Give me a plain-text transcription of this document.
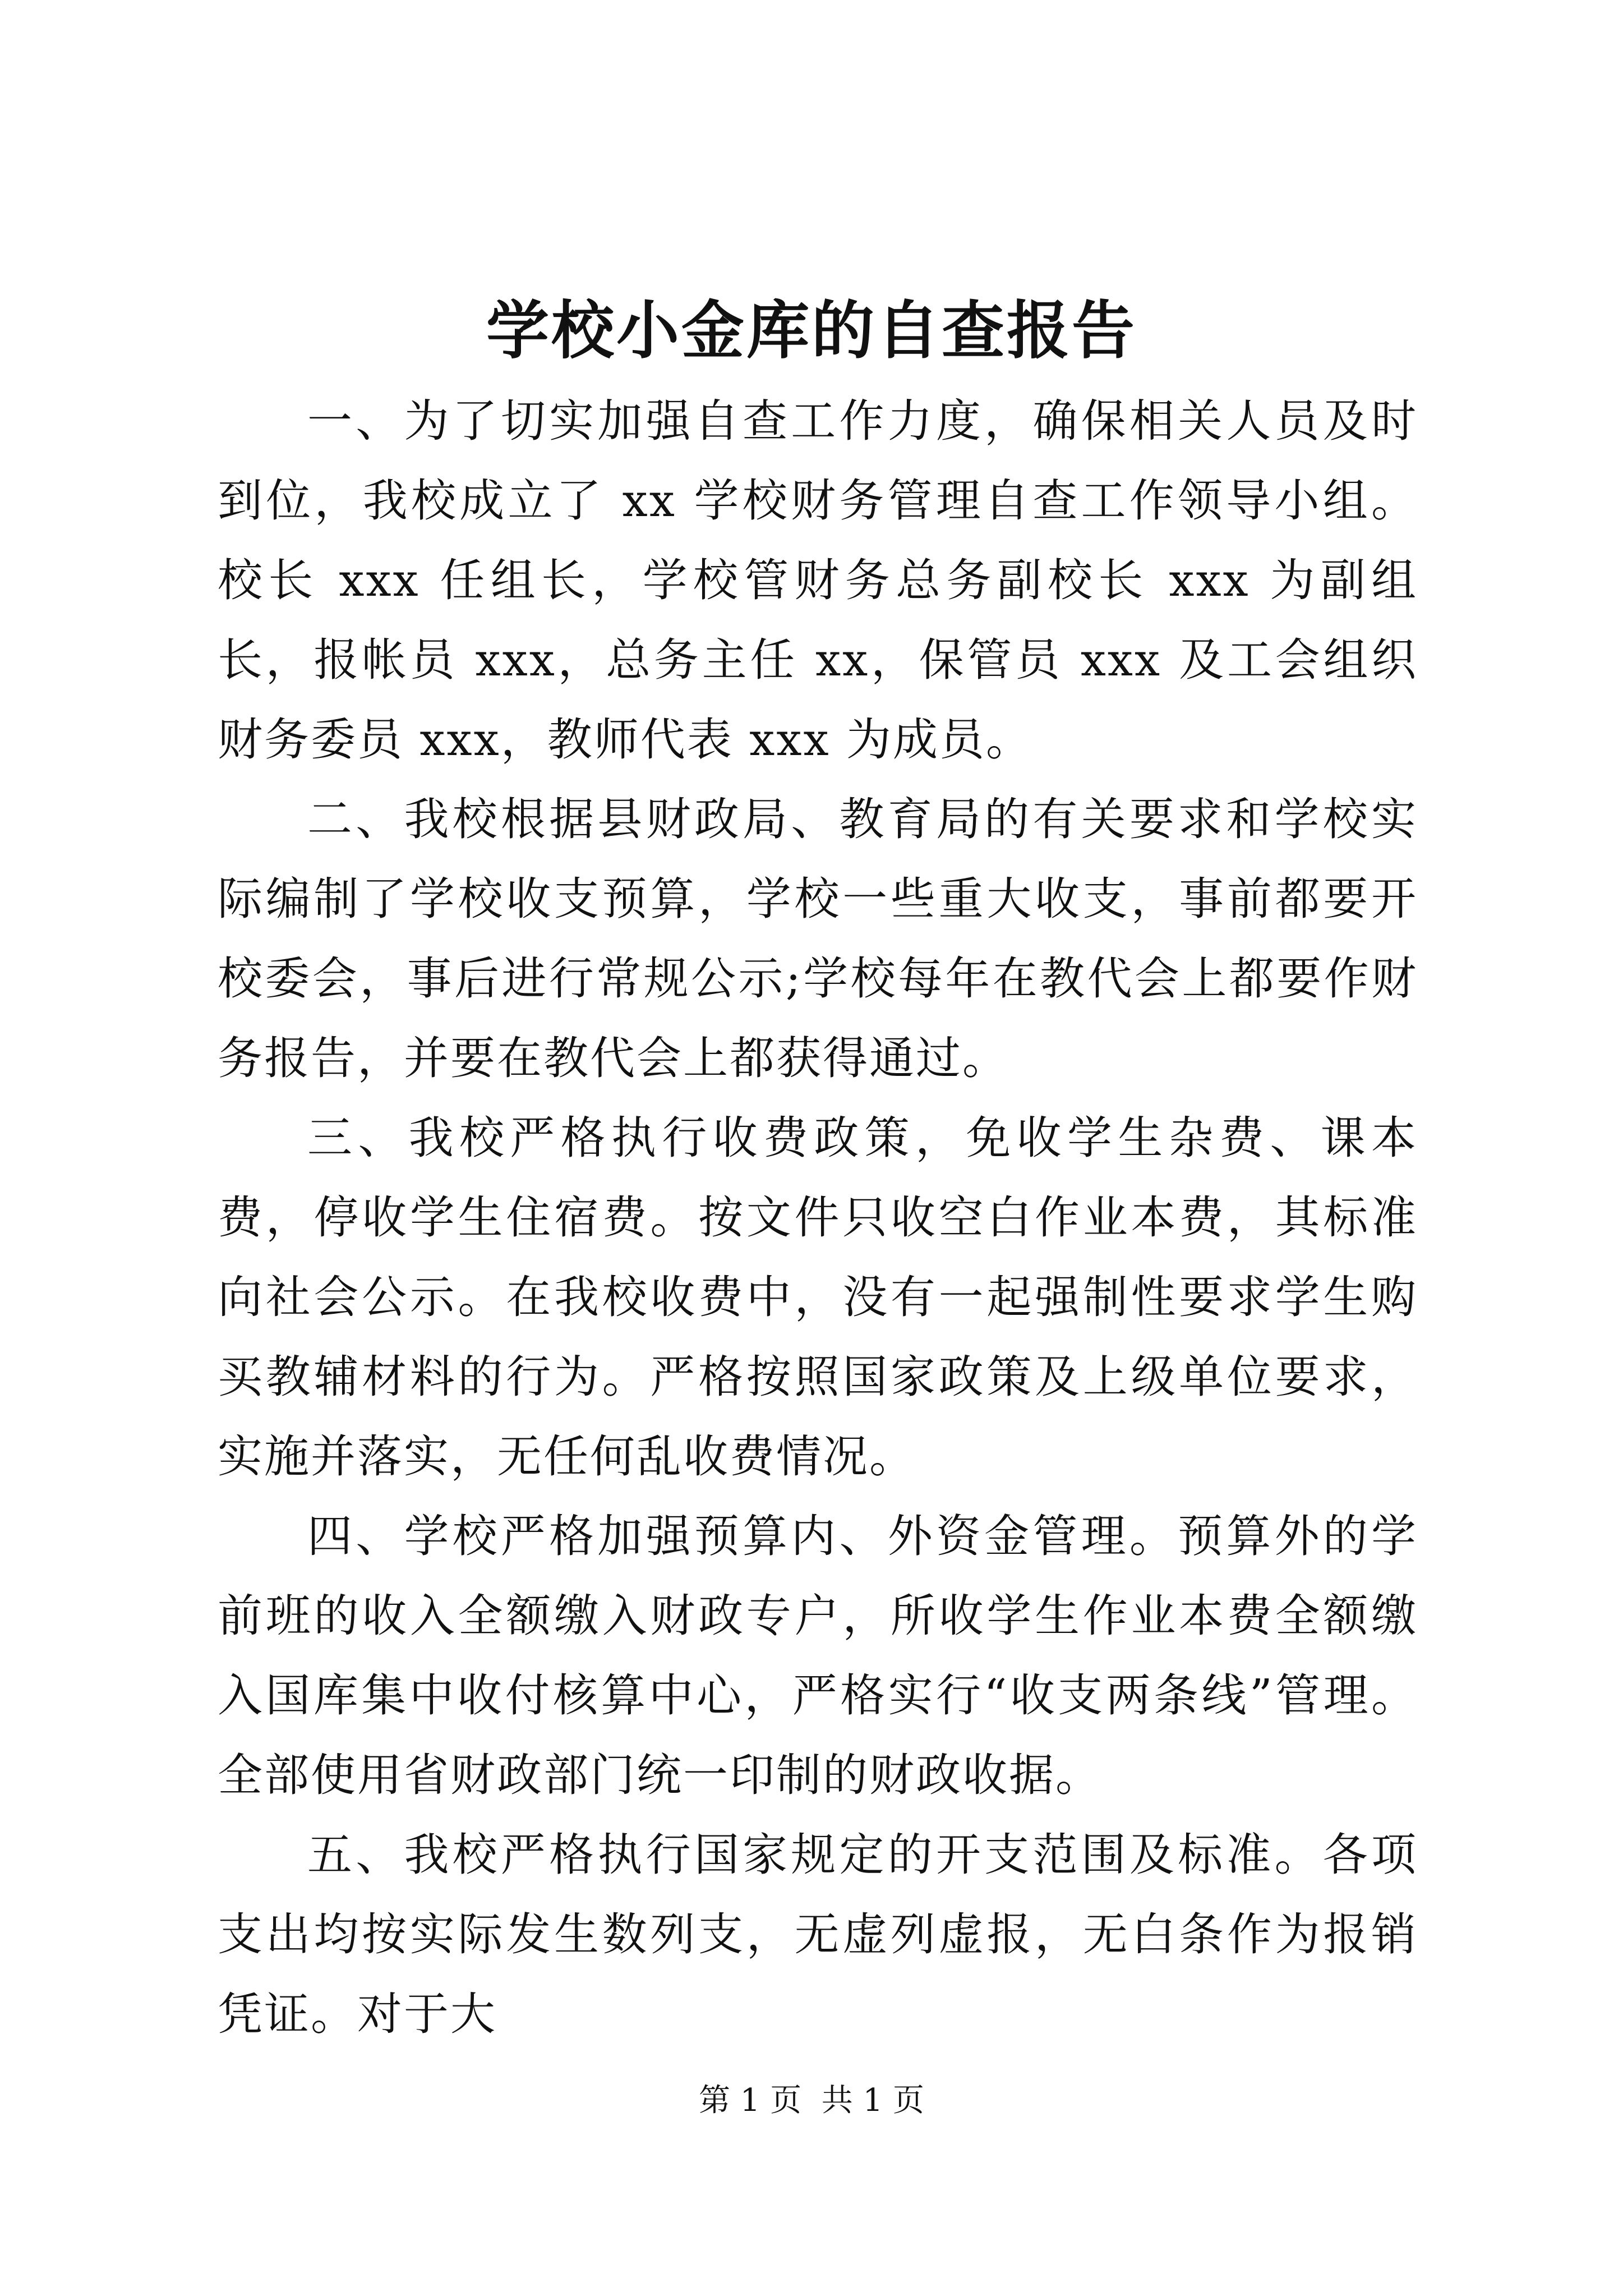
学校小金库的自查报告

一、为了切实加强自查工作力度，确保相关人员及时到位，我校成立了 xx 学校财务管理自查工作领导小组。校长 xxx 任组长，学校管财务总务副校长 xxx 为副组长，报帐员 xxx，总务主任 xx，保管员 xxx 及工会组织财务委员 xxx，教师代表 xxx 为成员。

二、我校根据县财政局、教育局的有关要求和学校实际编制了学校收支预算，学校一些重大收支，事前都要开校委会，事后进行常规公示;学校每年在教代会上都要作财务报告，并要在教代会上都获得通过。

三、我校严格执行收费政策，免收学生杂费、课本费，停收学生住宿费。按文件只收空白作业本费，其标准向社会公示。在我校收费中，没有一起强制性要求学生购买教辅材料的行为。严格按照国家政策及上级单位要求，实施并落实，无任何乱收费情况。

四、学校严格加强预算内、外资金管理。预算外的学前班的收入全额缴入财政专户，所收学生作业本费全额缴入国库集中收付核算中心，严格实行“收支两条线”管理。全部使用省财政部门统一印制的财政收据。

五、我校严格执行国家规定的开支范围及标准。各项支出均按实际发生数列支，无虚列虚报，无白条作为报销凭证。对于大

第 1 页  共 1 页
